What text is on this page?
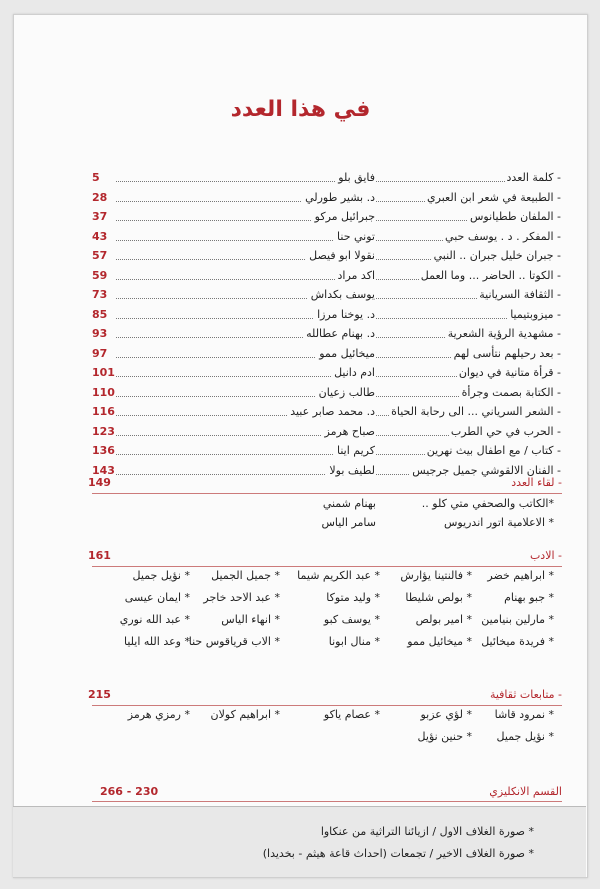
في هذا العدد
- كلمة العدد
فايق بلو
5
- الطبيعة في شعر ابن العبري
د. بشير طورلي
28
- الملفان ططيانوس
جبرائيل مركو
37
- المفكر . د . يوسف حبي
توني حنا
43
- جبران خليل جبران .. النبي
نقولا ابو فيصل
57
- الكوتا .. الحاضر ... وما العمل
اكد مراد
59
- الثقافة السريانية
يوسف بكداش
73
- ميزوبتيميا
د. يوخنا مرزا
85
- مشهدية الرؤية الشعرية
د. بهنام عطالله
93
- بعد رحيلهم نتأسى لهم
ميخائيل ممو
97
- قرأة متانية في ديوان
ادم دانيل
101
- الكتابة بصمت وجرأة
طالب زعيان
110
- الشعر السرياني ... الى رحابة الحياة
د. محمد صابر عبيد
116
- الحرب في حي الطرب
صباح هرمز
123
- كتاب / مع اطفال بيث نهرين
كريم اينا
136
- الفنان الالقوشي جميل جرجيس
لطيف بولا
143
- لقاء العدد
149
*الكاتب والصحفي متي كلو ..
بهنام شمني
* الاعلامية اتور اندريوس
سامر الياس
- الادب
161
* ابراهيم خضر
* فالنتينا يؤارش
* عبد الكريم شيما
* جميل الجميل
* نؤيل جميل
* جبو بهنام
* بولص شليطا
* وليد متوكا
* عبد الاحد خاجر
* ايمان عيسى
* مارلين بنيامين
* امير بولص
* يوسف كبو
* انهاء الياس
* عبد الله نوري
* فريدة ميخائيل
* ميخائيل ممو
* منال ابونا
* الاب قرياقوس حنا
* وعد الله ايليا
- متابعات ثقافية
215
* نمرود قاشا
* لؤي عزبو
* عصام ياكو
* ابراهيم كولان
* رمزي هرمز
* نؤيل جميل
* حنين نؤيل
القسم الانكليزي
266 - 230
* صورة الغلاف الاول / ازيائنا التراثية من عنكاوا
* صورة الغلاف الاخير / تجمعات (احداث قاعة هيثم - بخديدا)
